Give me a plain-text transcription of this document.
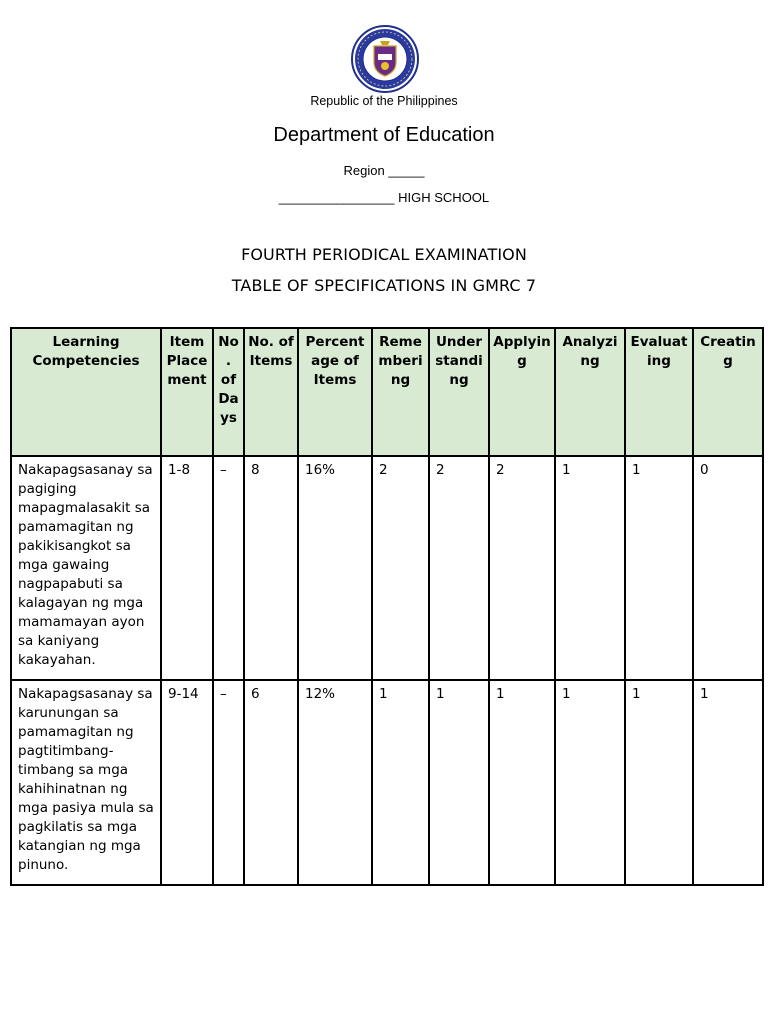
Republic of the Philippines
Department of Education
Region _____
________________ HIGH SCHOOL
FOURTH PERIODICAL EXAMINATION
TABLE OF SPECIFICATIONS IN GMRC 7
Learning Competencies	Item Placement	No. of Days	No. of Items	Percentage of Items	Remembering	Understanding	Applying	Analyzing	Evaluating	Creating
Nakapagsasanay sa pagiging mapagmalasakit sa pamamagitan ng pakikisangkot sa mga gawaing nagpapabuti sa kalagayan ng mga mamamayan ayon sa kaniyang kakayahan.	1-8	–	8	16%	2	2	2	1	1	0
Nakapagsasanay sa karunungan sa pamamagitan ng pagtitimbang-timbang sa mga kahihinatnan ng mga pasiya mula sa pagkilatis sa mga katangian ng mga pinuno.	9-14	–	6	12%	1	1	1	1	1	1
